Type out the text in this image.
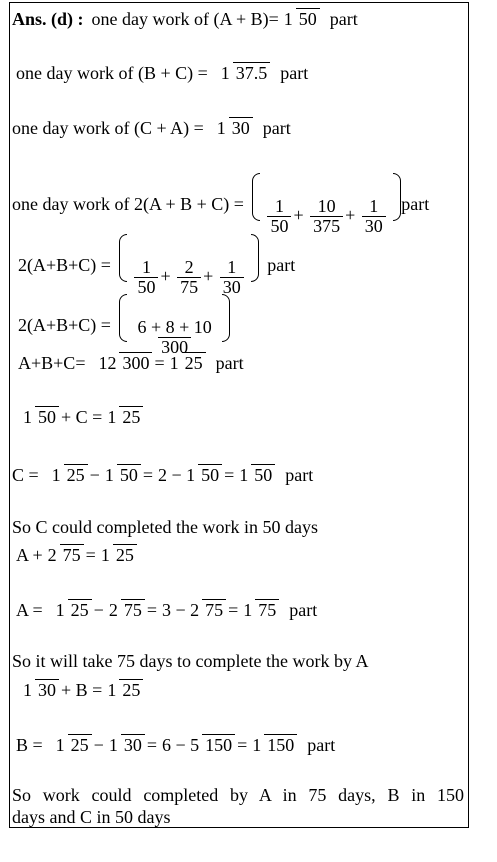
Ans. (d) : one day work of (A + B)= 1 50 part
one day work of (B + C) = 1 37.5 part
one day work of (C + A) = 1 30 part
one day work of 2(A + B + C) =
$\frac{1}{50} + \frac{10}{375} + \frac{1}{30}$
part
2(A+B+C) =
$\frac{1}{50} + \frac{2}{75} + \frac{1}{30}$
part
2(A+B+C) =
$\frac{6 + 8 + 10}{300}$

A+B+C= 12 300 = 1 25 part
1 50 + C = 1 25
C = 1 25 − 1 50 = 2 − 1 50 = 1 50 part
So C could completed the work in 50 days
A + 2 75 = 1 25
A = 1 25 − 2 75 = 3 − 2 75 = 1 75 part
So it will take 75 days to complete the work by A
1 30 + B = 1 25
B = 1 25 − 1 30 = 6 − 5 150 = 1 150 part
So work could completed by A in 75 days, B in 150
days and C in 50 days
